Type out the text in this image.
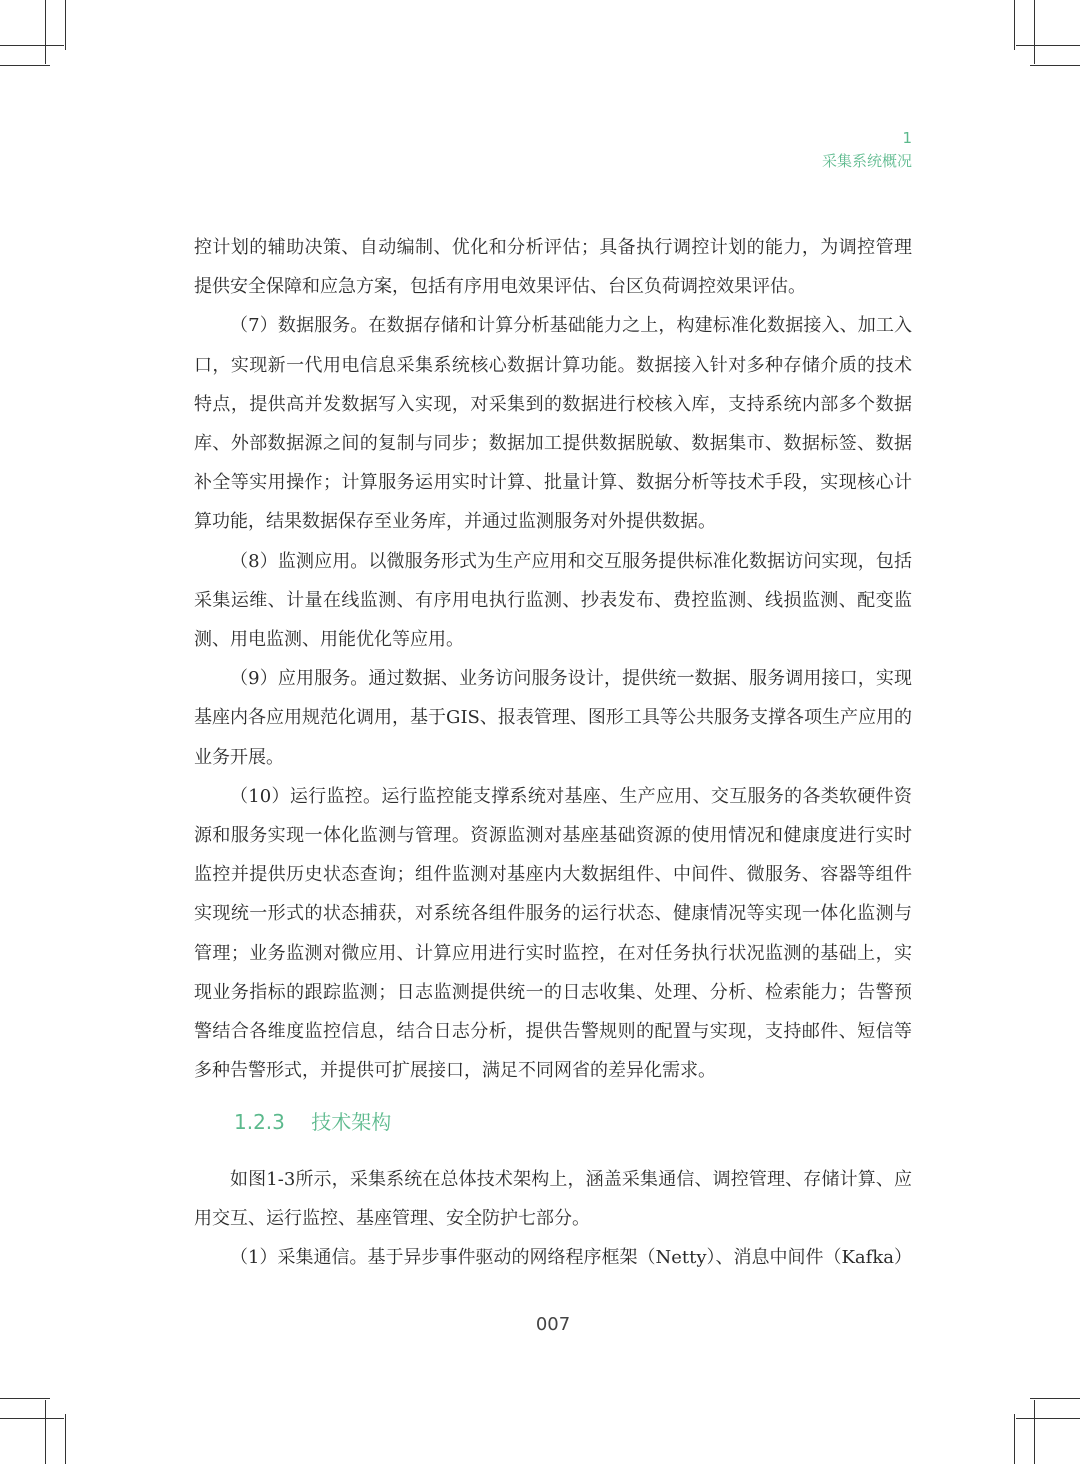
1
采集系统概况

控计划的辅助决策、自动编制、优化和分析评估；具备执行调控计划的能力，为调控管理提供安全保障和应急方案，包括有序用电效果评估、台区负荷调控效果评估。

（7）数据服务。在数据存储和计算分析基础能力之上，构建标准化数据接入、加工入口，实现新一代用电信息采集系统核心数据计算功能。数据接入针对多种存储介质的技术特点，提供高并发数据写入实现，对采集到的数据进行校核入库，支持系统内部多个数据库、外部数据源之间的复制与同步；数据加工提供数据脱敏、数据集市、数据标签、数据补全等实用操作；计算服务运用实时计算、批量计算、数据分析等技术手段，实现核心计算功能，结果数据保存至业务库，并通过监测服务对外提供数据。

（8）监测应用。以微服务形式为生产应用和交互服务提供标准化数据访问实现，包括采集运维、计量在线监测、有序用电执行监测、抄表发布、费控监测、线损监测、配变监测、用电监测、用能优化等应用。

（9）应用服务。通过数据、业务访问服务设计，提供统一数据、服务调用接口，实现基座内各应用规范化调用，基于GIS、报表管理、图形工具等公共服务支撑各项生产应用的业务开展。

（10）运行监控。运行监控能支撑系统对基座、生产应用、交互服务的各类软硬件资源和服务实现一体化监测与管理。资源监测对基座基础资源的使用情况和健康度进行实时监控并提供历史状态查询；组件监测对基座内大数据组件、中间件、微服务、容器等组件实现统一形式的状态捕获，对系统各组件服务的运行状态、健康情况等实现一体化监测与管理；业务监测对微应用、计算应用进行实时监控，在对任务执行状况监测的基础上，实现业务指标的跟踪监测；日志监测提供统一的日志收集、处理、分析、检索能力；告警预警结合各维度监控信息，结合日志分析，提供告警规则的配置与实现，支持邮件、短信等多种告警形式，并提供可扩展接口，满足不同网省的差异化需求。

1.2.3 技术架构

如图1-3所示，采集系统在总体技术架构上，涵盖采集通信、调控管理、存储计算、应用交互、运行监控、基座管理、安全防护七部分。

（1）采集通信。基于异步事件驱动的网络程序框架（Netty）、消息中间件（Kafka）

007
